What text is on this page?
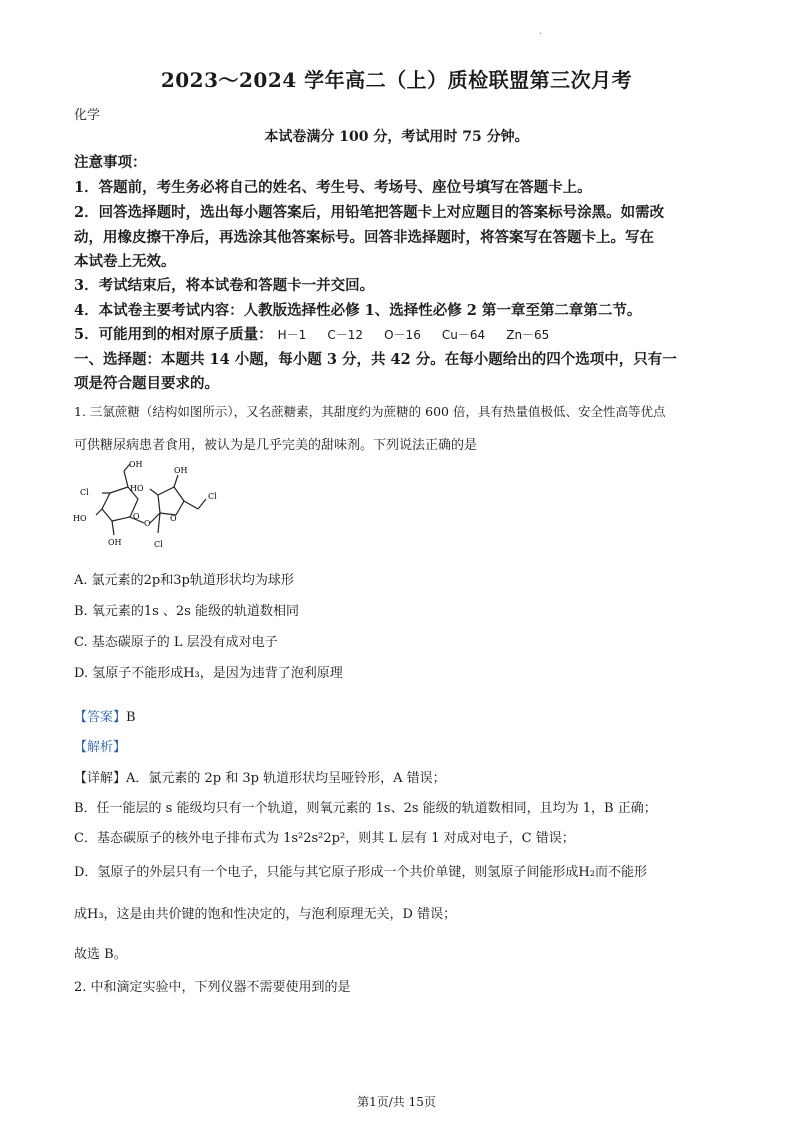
.
2023～2024 学年高二（上）质检联盟第三次月考
化学
本试卷满分 100 分，考试用时 75 分钟。
注意事项：
1．答题前，考生务必将自己的姓名、考生号、考场号、座位号填写在答题卡上。
2．回答选择题时，选出每小题答案后，用铅笔把答题卡上对应题目的答案标号涂黑。如需改
动，用橡皮擦干净后，再选涂其他答案标号。回答非选择题时，将答案写在答题卡上。写在
本试卷上无效。
3．考试结束后，将本试卷和答题卡一并交回。
4．本试卷主要考试内容：人教版选择性必修 1、选择性必修 2 第一章至第二章第二节。
5．可能用到的相对原子质量： H－1 C－12 O－16 Cu－64 Zn－65
一、选择题：本题共 14 小题，每小题 3 分，共 42 分。在每小题给出的四个选项中，只有一
项是符合题目要求的。
1. 三氯蔗糖（结构如图所示），又名蔗糖素，其甜度约为蔗糖的 600 倍，具有热量值极低、安全性高等优点
可供糖尿病患者食用，被认为是几乎完美的甜味剂。下列说法正确的是
OH
Cl
HO
OH
O
O
HO
OH
O
Cl
Cl
A. 氯元素的2p和3p轨道形状均为球形
B. 氧元素的1s 、2s 能级的轨道数相同
C. 基态碳原子的 L 层没有成对电子
D. 氢原子不能形成H₃，是因为违背了泡利原理
【答案】B
【解析】
【详解】A．氯元素的 2p 和 3p 轨道形状均呈哑铃形，A 错误；
B．任一能层的 s 能级均只有一个轨道，则氧元素的 1s、2s 能级的轨道数相同，且均为 1，B 正确；
C．基态碳原子的核外电子排布式为 1s²2s²2p²，则其 L 层有 1 对成对电子，C 错误；
D．氢原子的外层只有一个电子，只能与其它原子形成一个共价单键，则氢原子间能形成H₂而不能形
成H₃，这是由共价键的饱和性决定的，与泡利原理无关，D 错误；
故选 B。
2. 中和滴定实验中，下列仪器不需要使用到的是
第1页/共 15页
